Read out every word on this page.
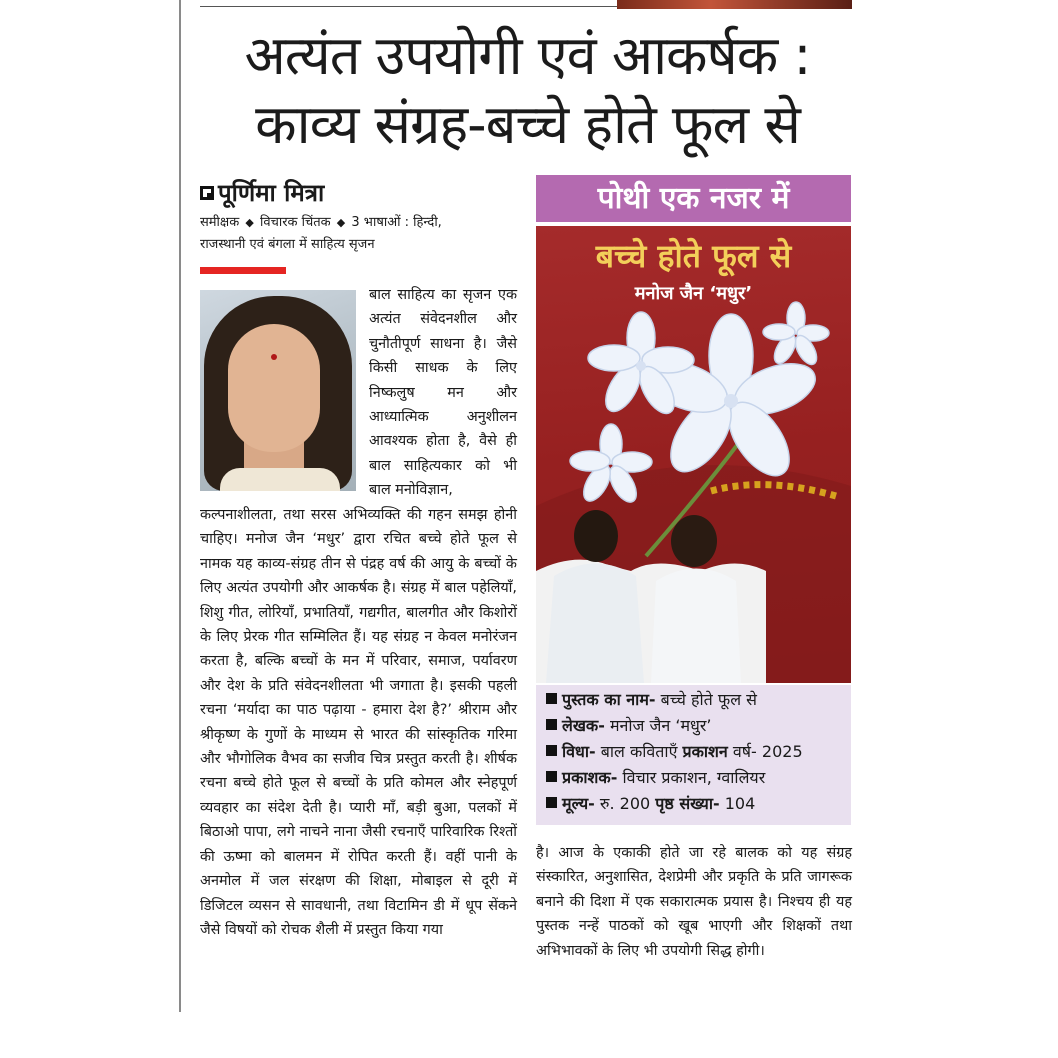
अत्यंत उपयोगी एवं आकर्षक :
काव्य संग्रह-बच्चे होते फूल से
पूर्णिमा मित्रा
समीक्षक ◆ विचारक चिंतक ◆ 3 भाषाओं : हिन्दी,
राजस्थानी एवं बंगला में साहित्य सृजन
बाल साहित्य का सृजन एक अत्यंत संवेदनशील और चुनौतीपूर्ण साधना है। जैसे किसी साधक के लिए निष्कलुष मन और आध्यात्मिक अनुशीलन आवश्यक होता है, वैसे ही बाल साहित्यकार को भी बाल मनोविज्ञान,
कल्पनाशीलता, तथा सरस अभिव्यक्ति की गहन समझ होनी चाहिए। मनोज जैन ‘मधुर’ द्वारा रचित बच्चे होते फूल से नामक यह काव्य-संग्रह तीन से पंद्रह वर्ष की आयु के बच्चों के लिए अत्यंत उपयोगी और आकर्षक है। संग्रह में बाल पहेलियाँ, शिशु गीत, लोरियाँ, प्रभातियाँ, गद्यगीत, बालगीत और किशोरों के लिए प्रेरक गीत सम्मिलित हैं। यह संग्रह न केवल मनोरंजन करता है, बल्कि बच्चों के मन में परिवार, समाज, पर्यावरण और देश के प्रति संवेदनशीलता भी जगाता है। इसकी पहली रचना ‘मर्यादा का पाठ पढ़ाया - हमारा देश है?’ श्रीराम और श्रीकृष्ण के गुणों के माध्यम से भारत की सांस्कृतिक गरिमा और भौगोलिक वैभव का सजीव चित्र प्रस्तुत करती है। शीर्षक रचना बच्चे होते फूल से बच्चों के प्रति कोमल और स्नेहपूर्ण व्यवहार का संदेश देती है। प्यारी माँ, बड़ी बुआ, पलकों में बिठाओ पापा, लगे नाचने नाना जैसी रचनाएँ पारिवारिक रिश्तों की ऊष्मा को बालमन में रोपित करती हैं। वहीं पानी के अनमोल में जल संरक्षण की शिक्षा, मोबाइल से दूरी में डिजिटल व्यसन से सावधानी, तथा विटामिन डी में धूप सेंकने जैसे विषयों को रोचक शैली में प्रस्तुत किया गया
पोथी एक नजर में
बच्चे होते फूल से
मनोज जैन ‘मधुर’
पुस्तक का नाम- बच्चे होते फूल से
लेखक- मनोज जैन ‘मधुर’
विधा- बाल कविताएँ प्रकाशन वर्ष- 2025
प्रकाशक- विचार प्रकाशन, ग्वालियर
मूल्य- रु. 200 पृष्ठ संख्या- 104
है। आज के एकाकी होते जा रहे बालक को यह संग्रह संस्कारित, अनुशासित, देशप्रेमी और प्रकृति के प्रति जागरूक बनाने की दिशा में एक सकारात्मक प्रयास है। निश्चय ही यह पुस्तक नन्हें पाठकों को खूब भाएगी और शिक्षकों तथा अभिभावकों के लिए भी उपयोगी सिद्ध होगी।
